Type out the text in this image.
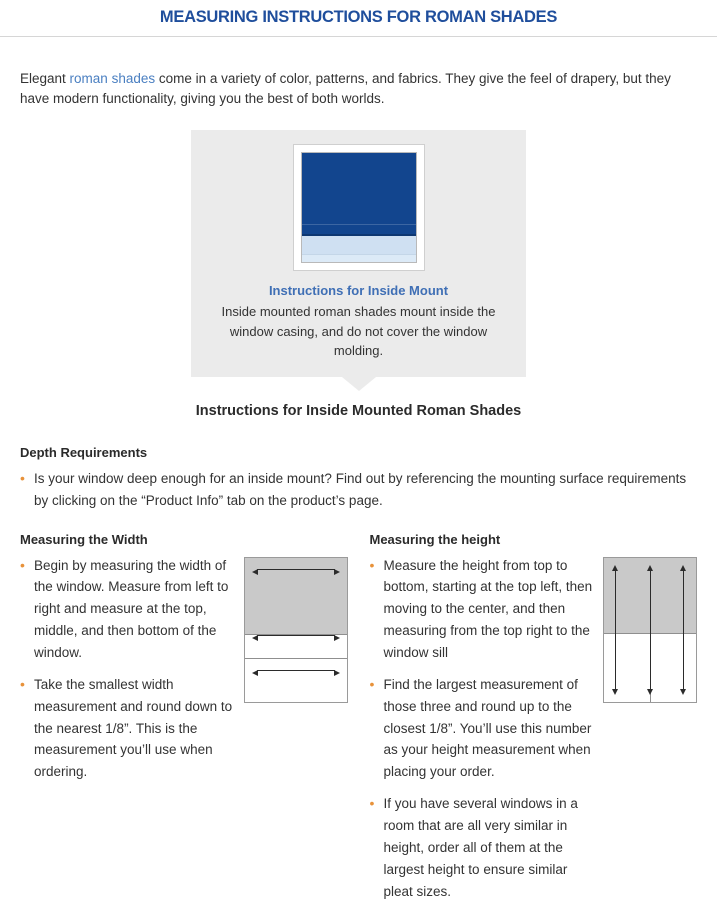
MEASURING INSTRUCTIONS FOR ROMAN SHADES

Elegant roman shades come in a variety of color, patterns, and fabrics. They give the feel of drapery, but they have modern functionality, giving you the best of both worlds.

Instructions for Inside Mount
Inside mounted roman shades mount inside the window casing, and do not cover the window molding.
Instructions for Inside Mounted Roman Shades
Depth Requirements
• Is your window deep enough for an inside mount? Find out by referencing the mounting surface requirements by clicking on the “Product Info” tab on the product’s page.
Measuring the Width
• Begin by measuring the width of the window. Measure from left to right and measure at the top, middle, and then bottom of the window.
• Take the smallest width measurement and round down to the nearest 1/8”. This is the measurement you’ll use when ordering.
Measuring the height
• Measure the height from top to bottom, starting at the top left, then moving to the center, and then measuring from the top right to the window sill
• Find the largest measurement of those three and round up to the closest 1/8”. You’ll use this number as your height measurement when placing your order.
• If you have several windows in a room that are all very similar in height, order all of them at the largest height to ensure similar pleat sizes.
